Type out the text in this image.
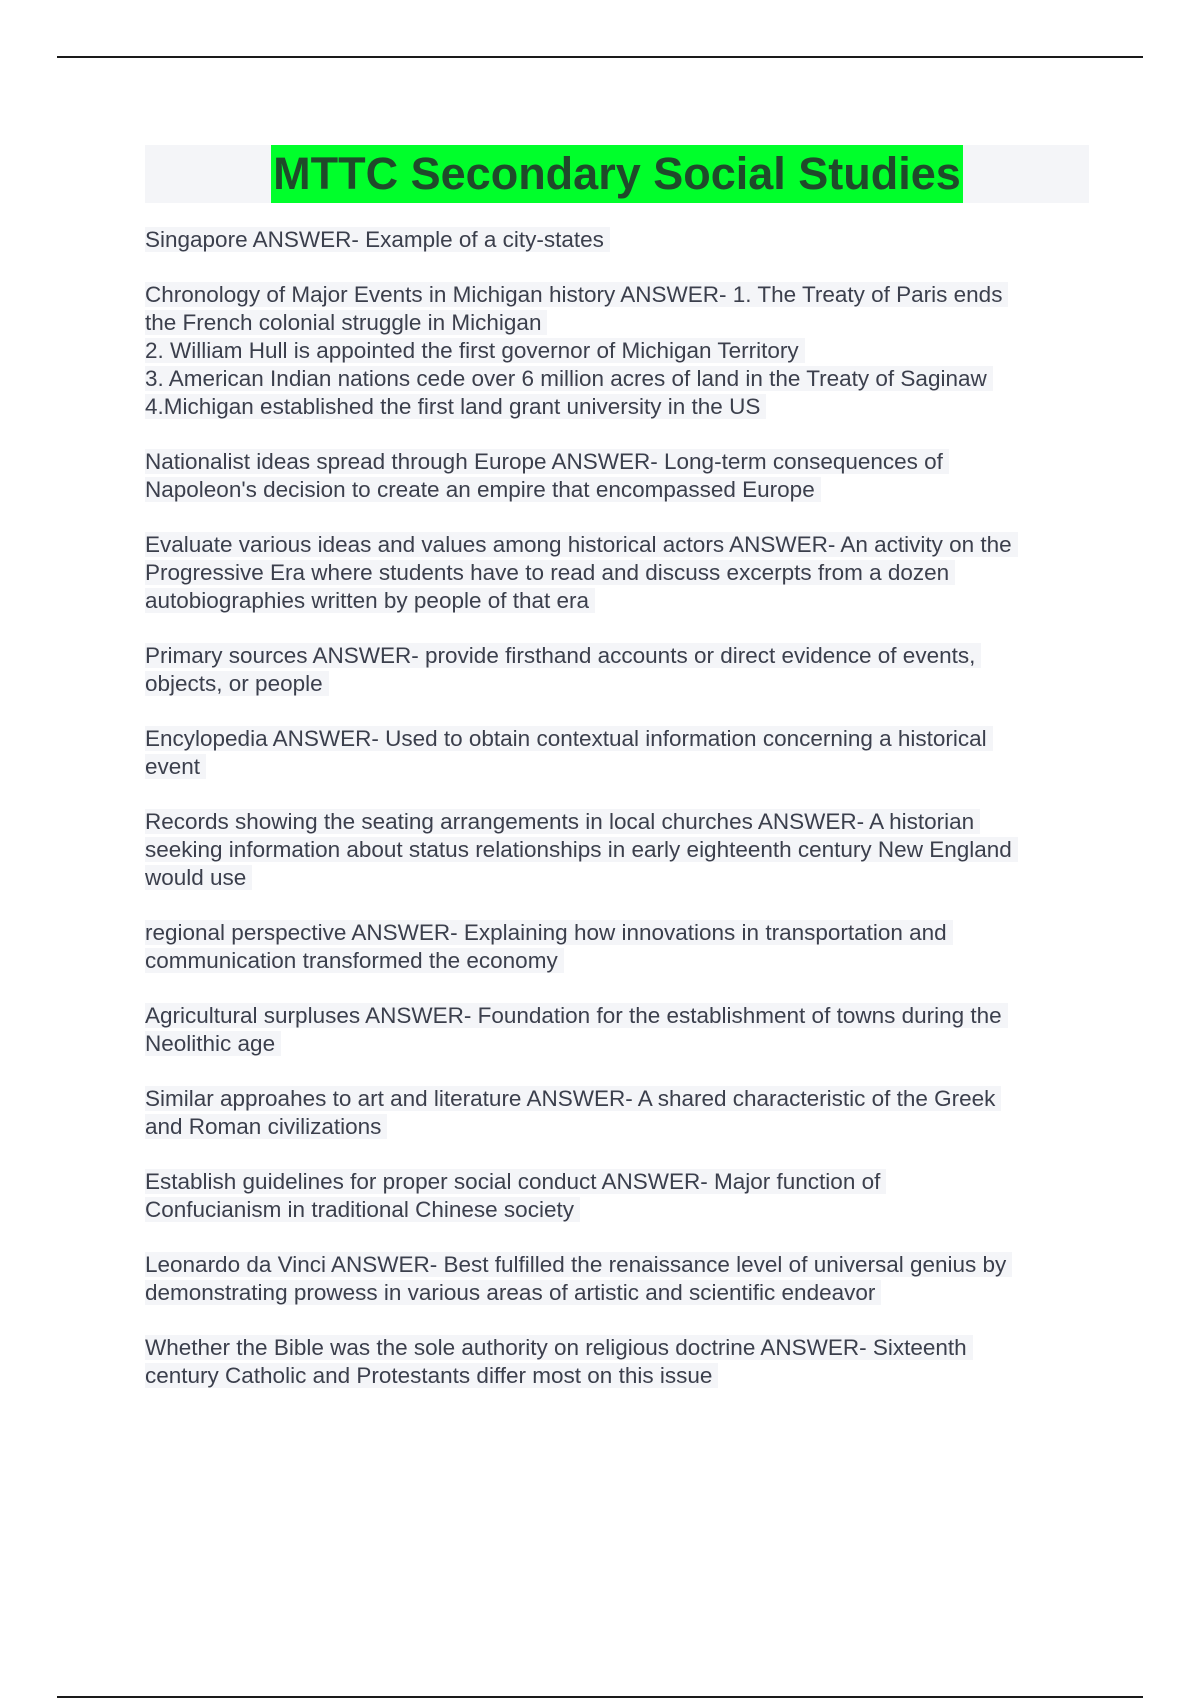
MTTC Secondary Social Studies
Singapore ANSWER- Example of a city-states
Chronology of Major Events in Michigan history ANSWER- 1. The Treaty of Paris ends
the French colonial struggle in Michigan
2. William Hull is appointed the first governor of Michigan Territory
3. American Indian nations cede over 6 million acres of land in the Treaty of Saginaw
4.Michigan established the first land grant university in the US
Nationalist ideas spread through Europe ANSWER- Long-term consequences of
Napoleon's decision to create an empire that encompassed Europe
Evaluate various ideas and values among historical actors ANSWER- An activity on the
Progressive Era where students have to read and discuss excerpts from a dozen
autobiographies written by people of that era
Primary sources ANSWER- provide firsthand accounts or direct evidence of events,
objects, or people
Encylopedia ANSWER- Used to obtain contextual information concerning a historical
event
Records showing the seating arrangements in local churches ANSWER- A historian
seeking information about status relationships in early eighteenth century New England
would use
regional perspective ANSWER- Explaining how innovations in transportation and
communication transformed the economy
Agricultural surpluses ANSWER- Foundation for the establishment of towns during the
Neolithic age
Similar approahes to art and literature ANSWER- A shared characteristic of the Greek
and Roman civilizations
Establish guidelines for proper social conduct ANSWER- Major function of
Confucianism in traditional Chinese society
Leonardo da Vinci ANSWER- Best fulfilled the renaissance level of universal genius by
demonstrating prowess in various areas of artistic and scientific endeavor
Whether the Bible was the sole authority on religious doctrine ANSWER- Sixteenth
century Catholic and Protestants differ most on this issue
